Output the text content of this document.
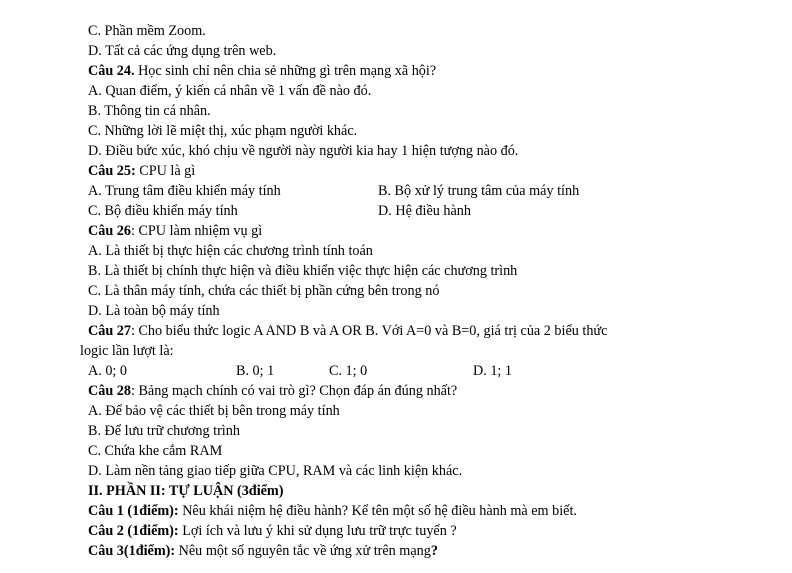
C. Phần mềm Zoom.
D. Tất cả các ứng dụng trên web.
Câu 24. Học sinh chỉ nên chia sẻ những gì trên mạng xã hội?
A. Quan điểm, ý kiến cá nhân về 1 vấn đề nào đó.
B. Thông tin cá nhân.
C. Những lời lẽ miệt thị, xúc phạm người khác.
D. Điều bức xúc, khó chịu về người này người kia hay 1 hiện tượng nào đó.
Câu 25: CPU là gì
A. Trung tâm điều khiển máy tính	B. Bộ xử lý trung tâm của máy tính
C. Bộ điều khiển máy tính	D. Hệ điều hành
Câu 26: CPU làm nhiệm vụ gì
A. Là thiết bị thực hiện các chương trình tính toán
B. Là thiết bị chính thực hiện và điều khiển việc thực hiện các chương trình
C. Là thân máy tính, chứa các thiết bị phần cứng bên trong nó
D. Là toàn bộ máy tính
Câu 27: Cho biểu thức logic A AND B và A OR B. Với A=0 và B=0, giá trị của 2 biểu thức
logic lần lượt là:
A. 0; 0	B. 0; 1	C. 1; 0	D. 1; 1
Câu 28: Bảng mạch chính có vai trò gì? Chọn đáp án đúng nhất?
A. Để bảo vệ các thiết bị bên trong máy tính
B. Để lưu trữ chương trình
C. Chứa khe cắm RAM
D. Làm nền tảng giao tiếp giữa CPU, RAM và các linh kiện khác.
II. PHẦN II: TỰ LUẬN (3điểm)
Câu 1 (1điểm): Nêu khái niệm hệ điều hành? Kể tên một số hệ điều hành mà em biết.
Câu 2 (1điểm): Lợi ích và lưu ý khi sử dụng lưu trữ trực tuyến ?
Câu 3(1điểm): Nêu một số nguyên tắc về ứng xử trên mạng?
